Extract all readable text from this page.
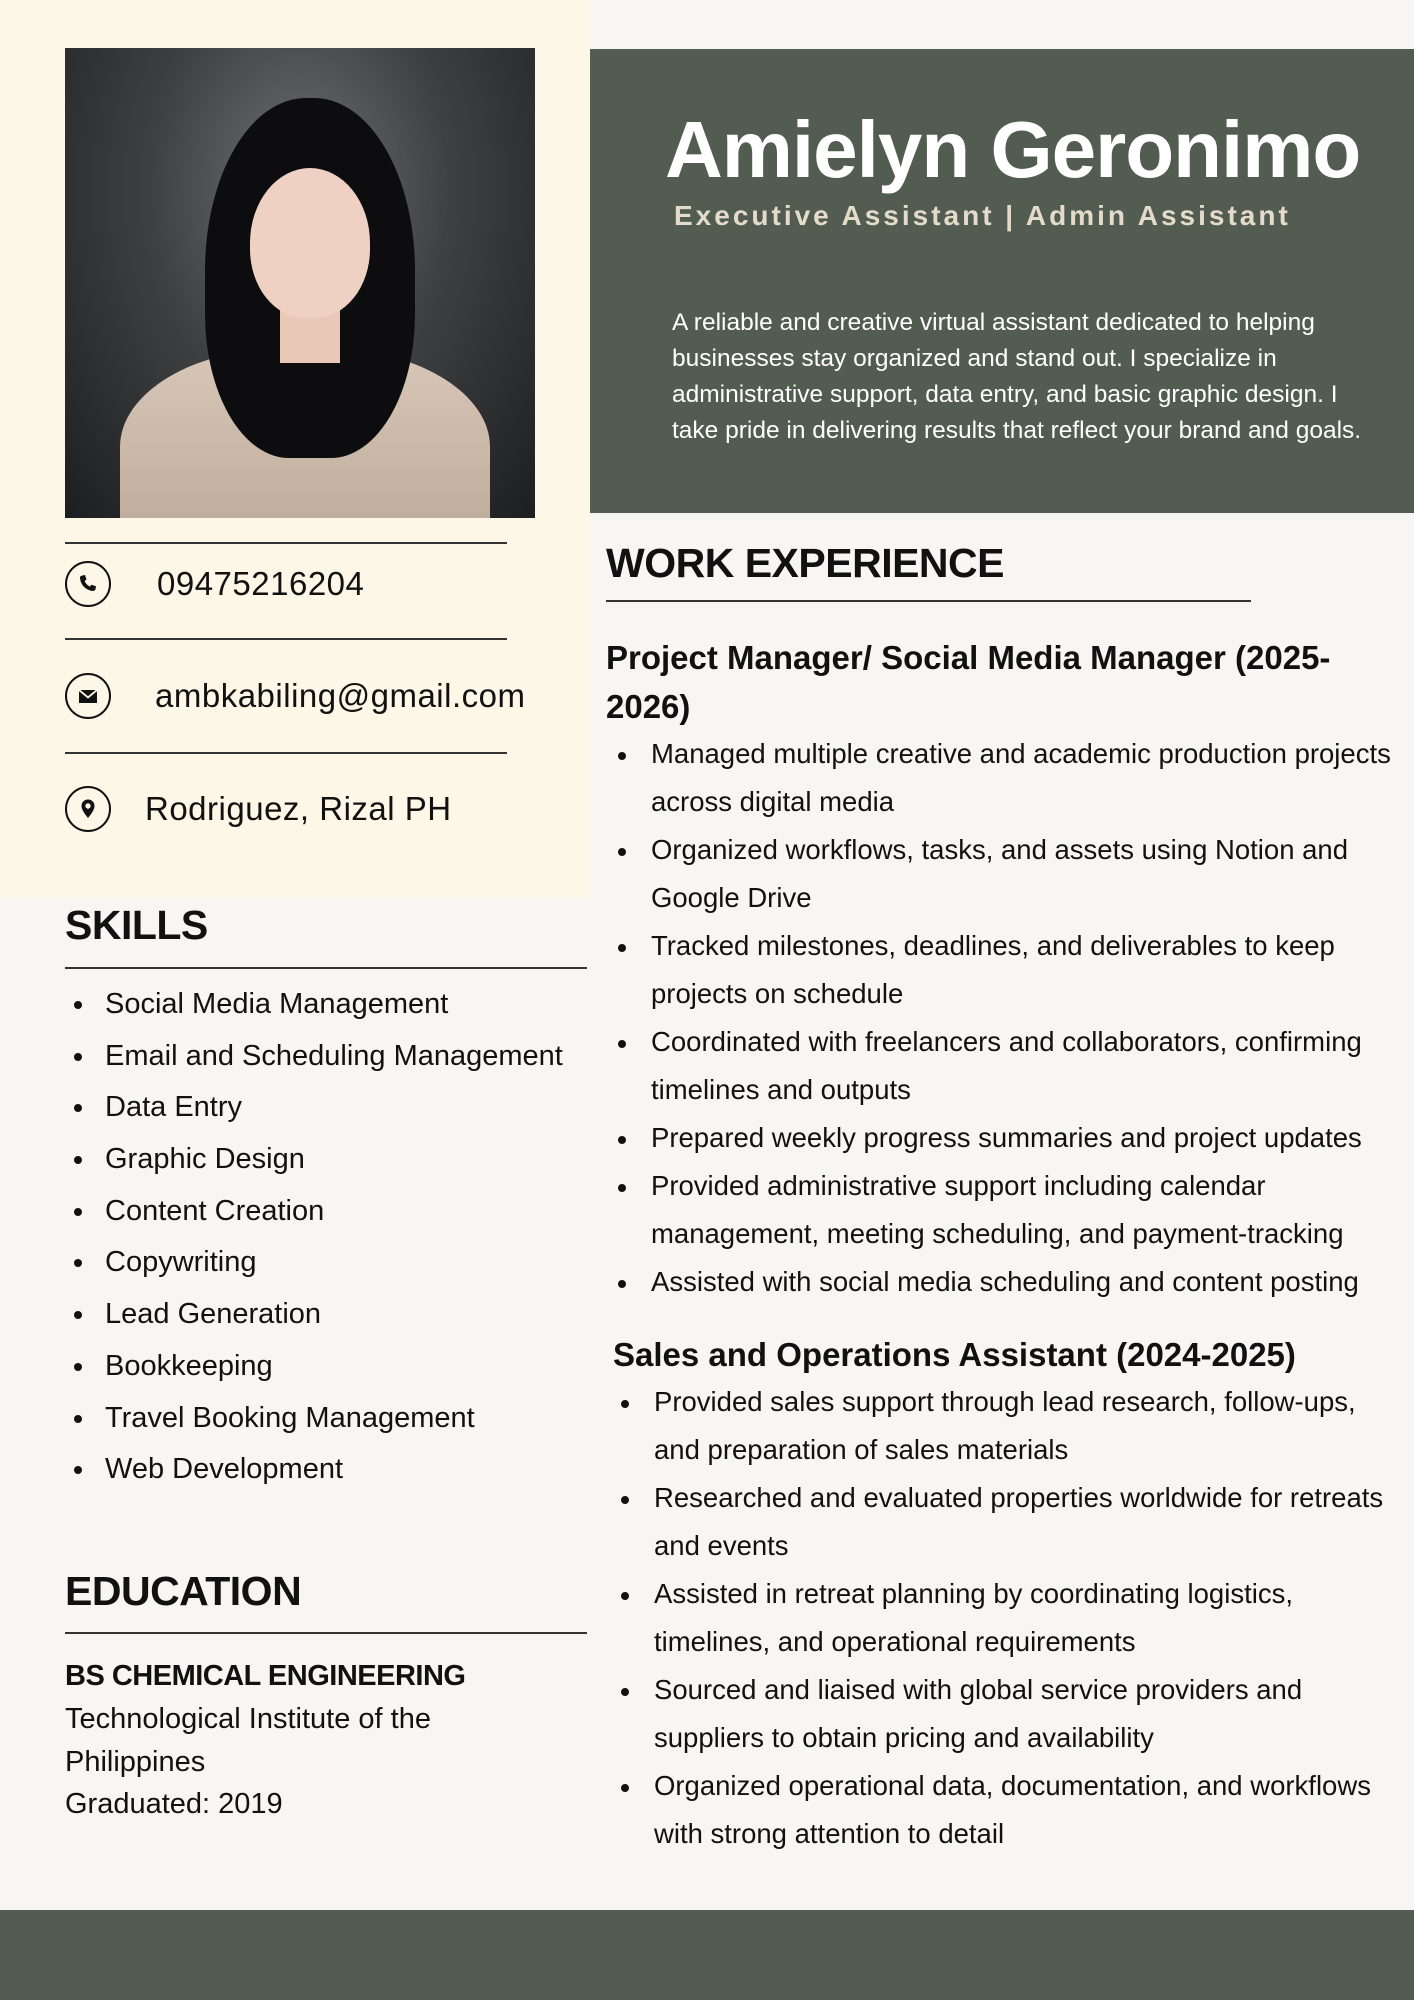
09475216204
ambkabiling@gmail.com
Rodriguez, Rizal PH
Amielyn Geronimo
Executive Assistant | Admin Assistant
A reliable and creative virtual assistant dedicated to helping businesses stay organized and stand out. I specialize in administrative support, data entry, and basic graphic design. I take pride in delivering results that reflect your brand and goals.
SKILLS
Social Media Management
Email and Scheduling Management
Data Entry
Graphic Design
Content Creation
Copywriting
Lead Generation
Bookkeeping
Travel Booking Management
Web Development
EDUCATION
BS CHEMICAL ENGINEERING
Technological Institute of the
Philippines
Graduated: 2019
WORK EXPERIENCE
Project Manager/ Social Media Manager (2025-2026)
Managed multiple creative and academic production projects across digital media
Organized workflows, tasks, and assets using Notion and Google Drive
Tracked milestones, deadlines, and deliverables to keep projects on schedule
Coordinated with freelancers and collaborators, confirming timelines and outputs
Prepared weekly progress summaries and project updates
Provided administrative support including calendar management, meeting scheduling, and payment-tracking
Assisted with social media scheduling and content posting
Sales and Operations Assistant (2024-2025)
Provided sales support through lead research, follow-ups, and preparation of sales materials
Researched and evaluated properties worldwide for retreats and events
Assisted in retreat planning by coordinating logistics, timelines, and operational requirements
Sourced and liaised with global service providers and suppliers to obtain pricing and availability
Organized operational data, documentation, and workflows with strong attention to detail
